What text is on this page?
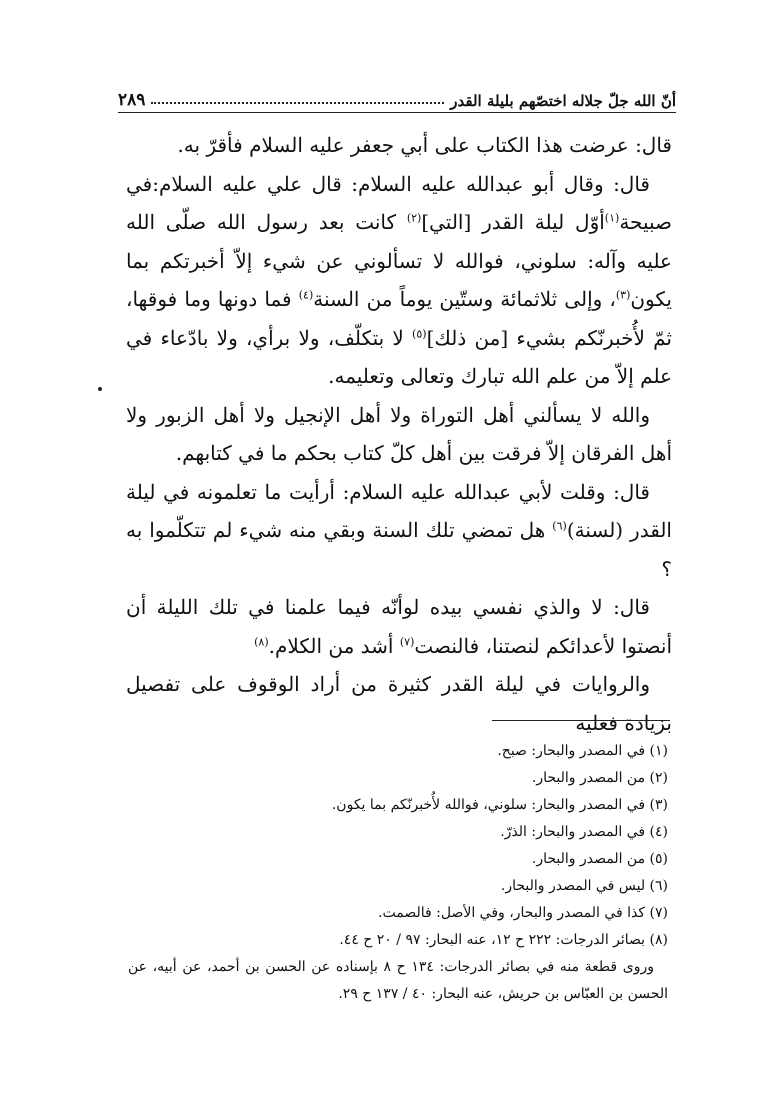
أنّ الله جلّ جلاله اختصّهم بليلة القدر
٢٨٩

قال: عرضت هذا الكتاب على أبي جعفر عليه السلام فأقرّ به.

قال: وقال أبو عبدالله عليه السلام: قال علي عليه السلام:في صبيحة$^{(١)}$أوّل ليلة القدر [التي]$^{(٢)}$ كانت بعد رسول الله صلّى الله عليه وآله: سلوني، فوالله لا تسألوني عن شيء إلاّ أخبرتكم بما يكون$^{(٣)}$، وإلى ثلاثمائة وستّين يوماً من السنة$^{(٤)}$ فما دونها وما فوقها، ثمّ لأُخبرنّكم بشيء [من ذلك]$^{(٥)}$ لا بتكلّف، ولا برأي، ولا بادّعاء في علم إلاّ من علم الله تبارك وتعالى وتعليمه.

والله لا يسألني أهل التوراة ولا أهل الإنجيل ولا أهل الزبور ولا أهل الفرقان إلاّ فرقت بين أهل كلّ كتاب بحكم ما في كتابهم.

قال: وقلت لأبي عبدالله عليه السلام: أرأيت ما تعلمونه في ليلة القدر (لسنة)$^{(٦)}$ هل تمضي تلك السنة وبقي منه شيء لم تتكلّموا به ؟

قال: لا والذي نفسي بيده لوأنّه فيما علمنا في تلك الليلة أن أنصتوا لأعدائكم لنصتنا، فالنصت$^{(٧)}$ أشد من الكلام.$^{(٨)}$

والروايات في ليلة القدر كثيرة من أراد الوقوف على تفصيل بزيادة فعليه

(١) في المصدر والبحار: صبح.

(٢) من المصدر والبحار.

(٣) في المصدر والبحار: سلوني، فوالله لأُخبرنّكم بما يكون.

(٤) في المصدر والبحار: الذرّ.

(٥) من المصدر والبحار.

(٦) ليس في المصدر والبحار.

(٧) كذا في المصدر والبحار، وفي الأصل: فالصمت.

(٨) بصائر الدرجات: ٢٢٢ ح ١٢، عنه البحار: ٩٧ / ٢٠ ح ٤٤.

وروى قطعة منه في بصائر الدرجات: ١٣٤ ح ٨ بإسناده عن الحسن بن أحمد، عن أبيه، عن الحسن بن العبّاس بن حريش، عنه البحار: ٤٠ / ١٣٧ ح ٢٩.
